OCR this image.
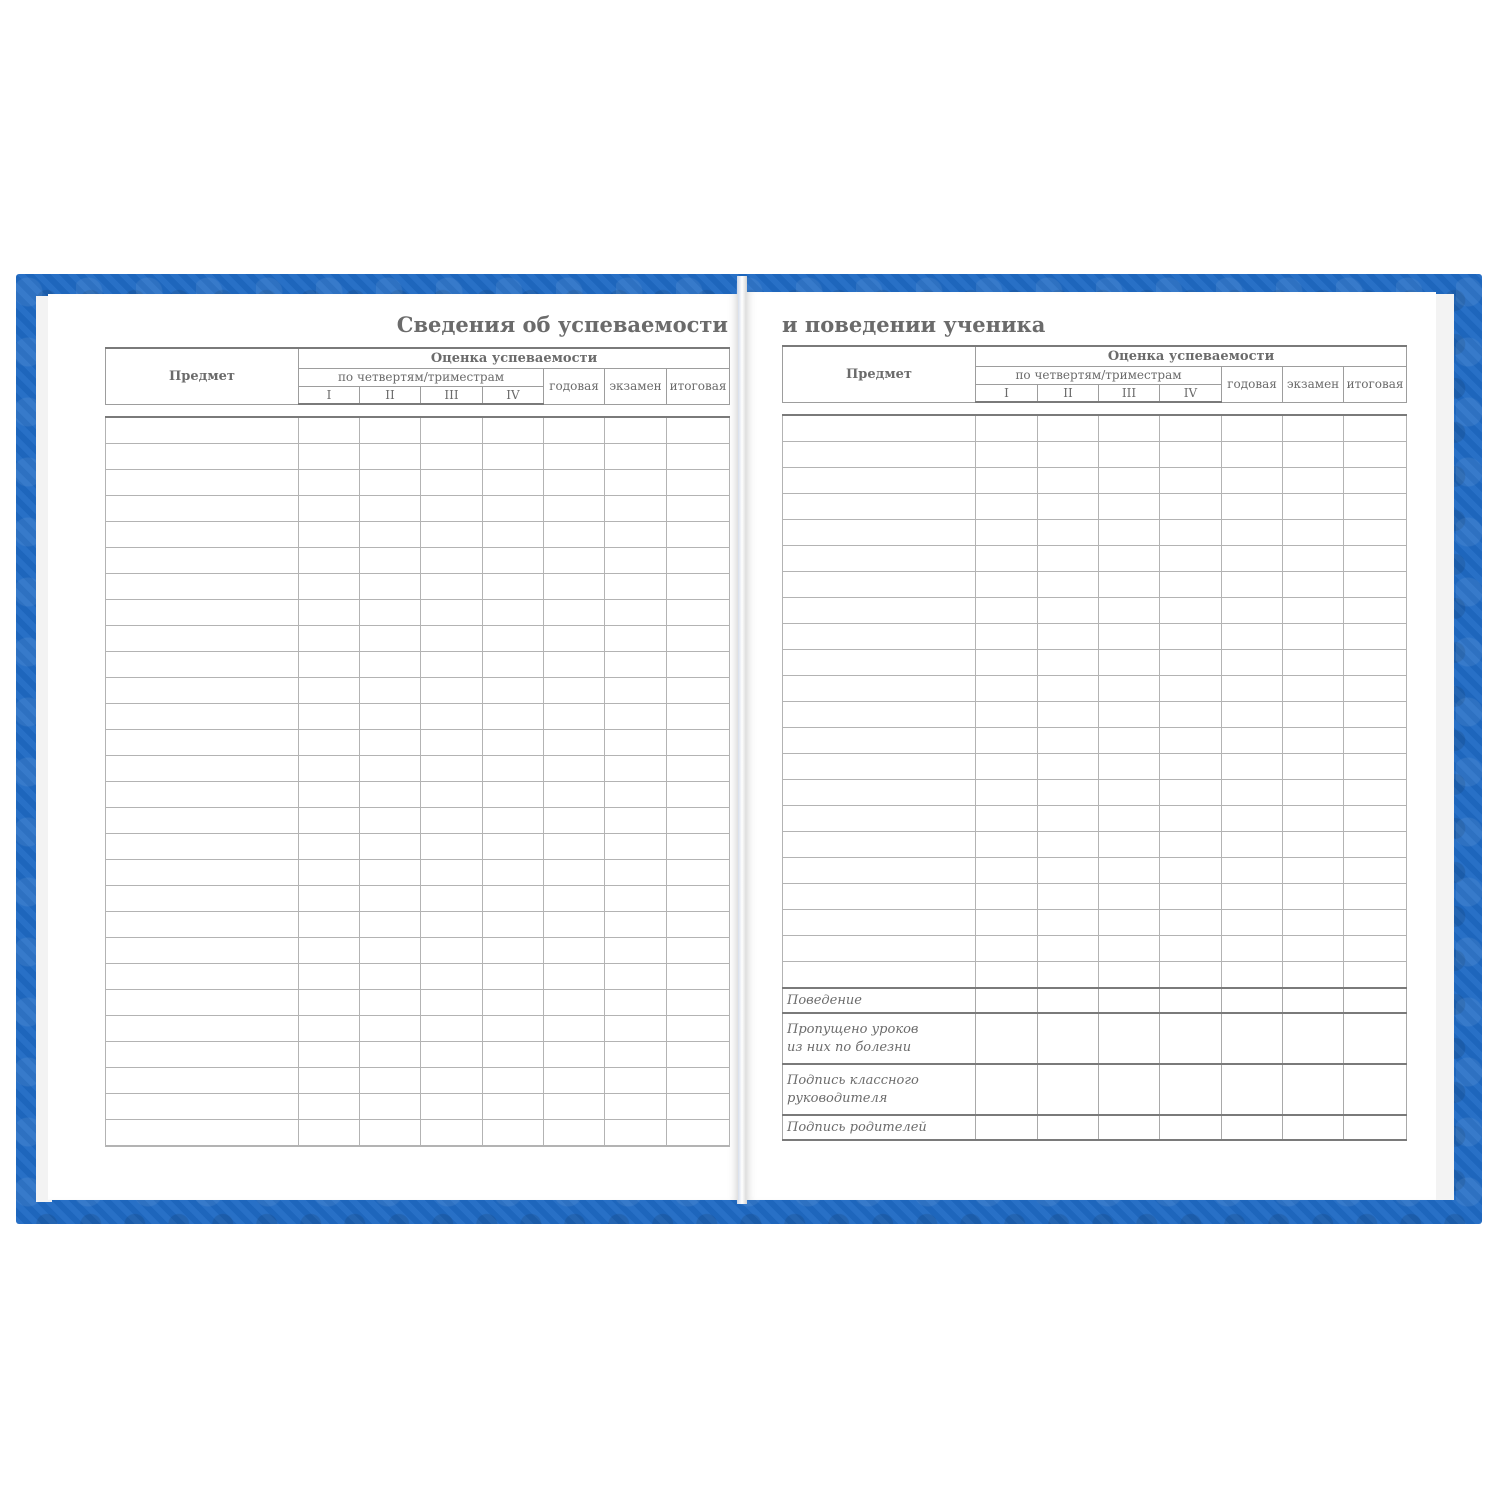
Сведения об успеваемости
Предмет	Оценка успеваемости						
	по четвертям/триместрам				годовая	экзамен	итоговая
	I	II	III	IV			

и поведении ученика
Предмет	Оценка успеваемости						
	по четвертям/триместрам				годовая	экзамен	итоговая
	I	II	III	IV			

Поведение							
Пропущено уроков
из них по болезни							
Подпись классного
руководителя							
Подпись родителей							
